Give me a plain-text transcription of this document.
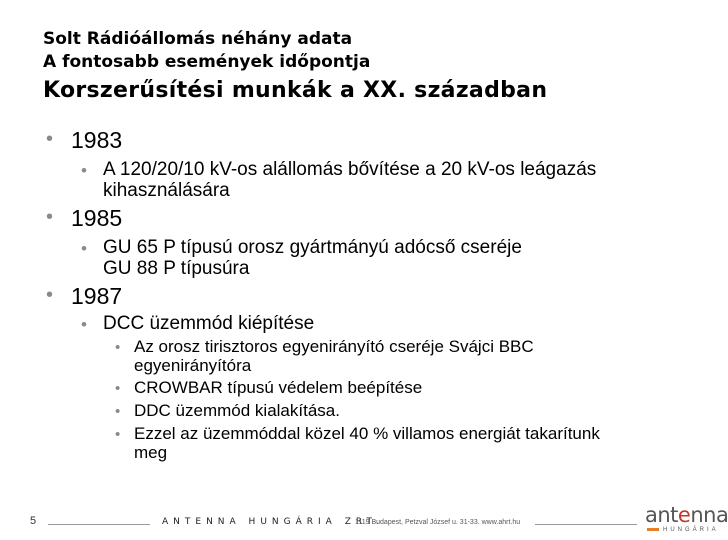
Solt Rádióállomás néhány adata
A fontosabb események időpontja
Korszerűsítési munkák a XX. században
• 1983
• A 120/20/10 kV-os alállomás bővítése a 20 kV-os leágazás
kihasználására
• 1985
• GU 65 P típusú orosz gyártmányú adócső cseréje
GU 88 P típusúra
• 1987
• DCC üzemmód kiépítése
• Az orosz tirisztoros egyenirányító cseréje Svájci BBC
egyenirányítóra
• CROWBAR típusú védelem beépítése
• DDC üzemmód kialakítása.
• Ezzel az üzemmóddal közel 40 % villamos energiát takarítunk
meg
5	ANTENNA HUNGÁRIA ZRT.
1119 Budapest, Petzval József u. 31-33. www.ahrt.hu	antenna
HUNGÁRIA
